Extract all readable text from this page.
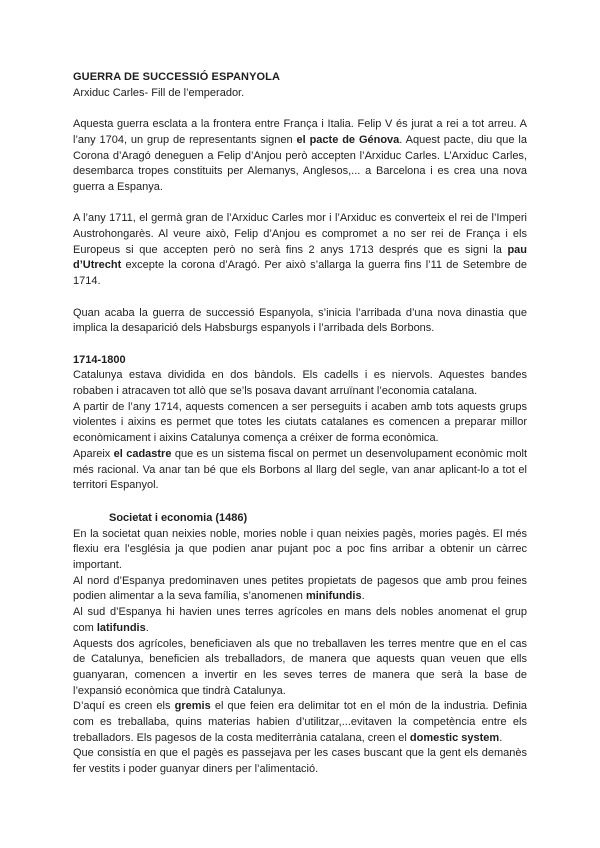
GUERRA DE SUCCESSIÓ ESPANYOLA

Arxiduc Carles- Fill de l’emperador.

Aquesta guerra esclata a la frontera entre França i Italia. Felip V és jurat a rei a tot arreu. A l’any 1704, un grup de representants signen el pacte de Génova. Aquest pacte, diu que la Corona d’Aragó deneguen a Felip d’Anjou però accepten l’Arxiduc Carles. L’Arxiduc Carles, desembarca tropes constituits per Alemanys, Anglesos,... a Barcelona i es crea una nova guerra a Espanya.

A l’any 1711, el germà gran de l’Arxiduc Carles mor i l’Arxiduc es converteix el rei de l’Imperi Austrohongarès. Al veure això, Felip d’Anjou es compromet a no ser rei de França i els Europeus si que accepten però no serà fins 2 anys 1713 després que es signi la pau d’Utrecht excepte la corona d’Aragó. Per això s’allarga la guerra fins l’11 de Setembre de 1714.

Quan acaba la guerra de successió Espanyola, s’inicia l’arribada d’una nova dinastia que implica la desaparició dels Habsburgs espanyols i l’arribada dels Borbons.

1714-1800

Catalunya estava dividida en dos bàndols. Els cadells i es niervols. Aquestes bandes robaben i atracaven tot allò que se’ls posava davant arruïnant l’economia catalana.

A partir de l’any 1714, aquests comencen a ser perseguits i acaben amb tots aquests grups violentes i aixins es permet que totes les ciutats catalanes es comencen a preparar millor econòmicament i aixins Catalunya comença a créixer de forma econòmica.

Apareix el cadastre que es un sistema fiscal on permet un desenvolupament econòmic molt més racional. Va anar tan bé que els Borbons al llarg del segle, van anar aplicant-lo a tot el territori Espanyol.

Societat i economia (1486)

En la societat quan neixies noble, mories noble i quan neixies pagès, mories pagès. El més flexiu era l’església ja que podien anar pujant poc a poc fins arribar a obtenir un càrrec important.

Al nord d’Espanya predominaven unes petites propietats de pagesos que amb prou feines podien alimentar a la seva família, s’anomenen minifundis.

Al sud d’Espanya hi havien unes terres agrícoles en mans dels nobles anomenat el grup com latifundis.

Aquests dos agrícoles, beneficiaven als que no treballaven les terres mentre que en el cas de Catalunya, beneficien als treballadors, de manera que aquests quan veuen que ells guanyaran, comencen a invertir en les seves terres de manera que serà la base de l’expansió econòmica que tindrà Catalunya.

D’aquí es creen els gremis el que feien era delimitar tot en el món de la industria. Definia com es treballaba, quins materias habien d’utilitzar,...evitaven la competència entre els treballadors. Els pagesos de la costa mediterrània catalana, creen el domestic system.

Que consistía en que el pagès es passejava per les cases buscant que la gent els demanès fer vestits i poder guanyar diners per l’alimentació.
